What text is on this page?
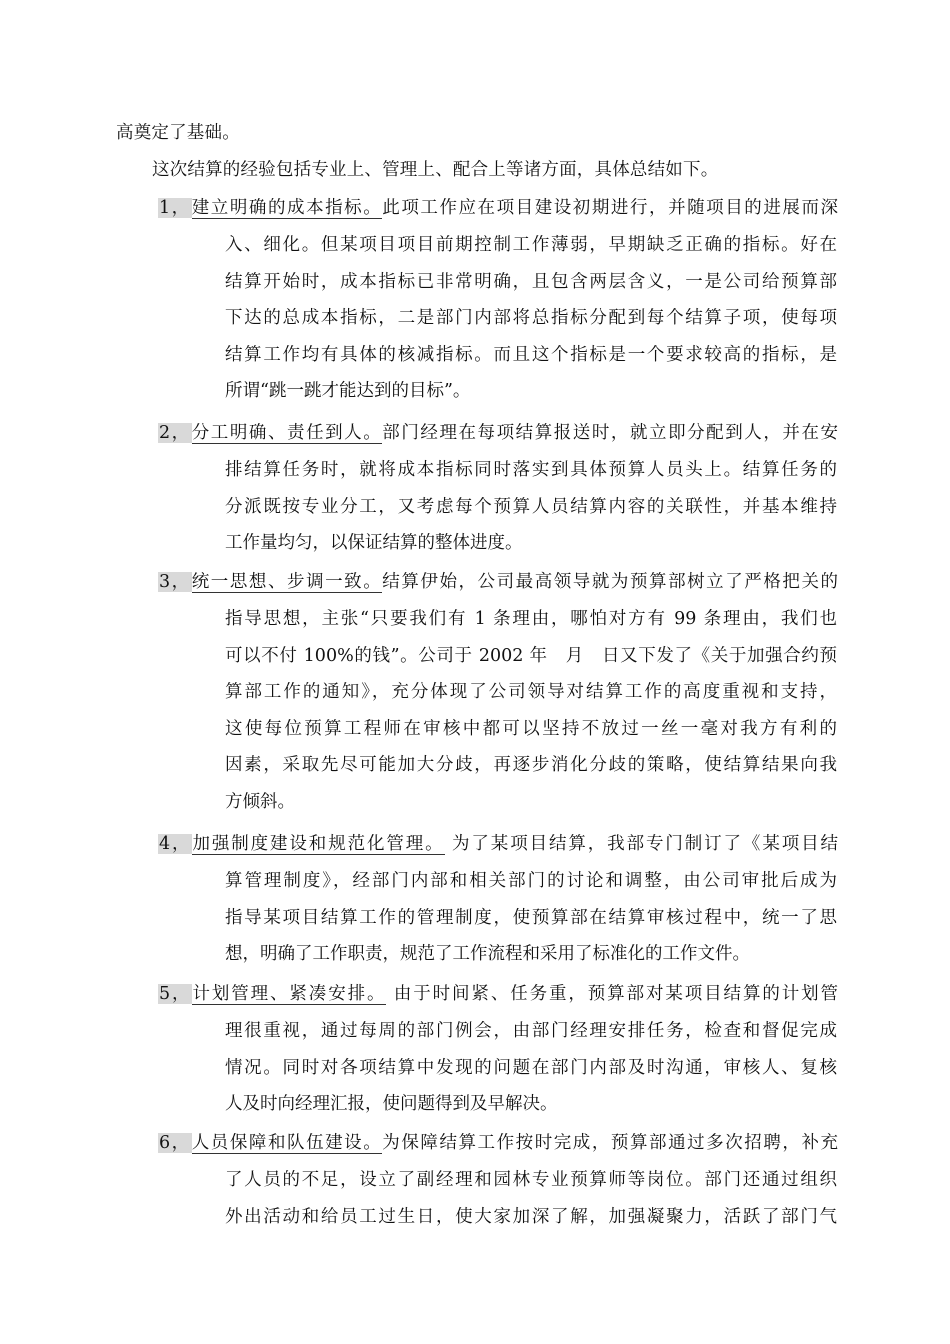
高奠定了基础。
这次结算的经验包括专业上、管理上、配合上等诸方面，具体总结如下。
1，建立明确的成本指标。此项工作应在项目建设初期进行，并随项目的进展而深
入、细化。但某项目项目前期控制工作薄弱，早期缺乏正确的指标。好在
结算开始时，成本指标已非常明确，且包含两层含义，一是公司给预算部
下达的总成本指标，二是部门内部将总指标分配到每个结算子项，使每项
结算工作均有具体的核减指标。而且这个指标是一个要求较高的指标，是
所谓“跳一跳才能达到的目标”。
2，分工明确、责任到人。部门经理在每项结算报送时，就立即分配到人，并在安
排结算任务时，就将成本指标同时落实到具体预算人员头上。结算任务的
分派既按专业分工，又考虑每个预算人员结算内容的关联性，并基本维持
工作量均匀，以保证结算的整体进度。
3，统一思想、步调一致。结算伊始，公司最高领导就为预算部树立了严格把关的
指导思想，主张“只要我们有 1 条理由，哪怕对方有 99 条理由，我们也
可以不付 100%的钱”。公司于 2002 年　月　日又下发了《关于加强合约预
算部工作的通知》，充分体现了公司领导对结算工作的高度重视和支持，
这使每位预算工程师在审核中都可以坚持不放过一丝一毫对我方有利的
因素，采取先尽可能加大分歧，再逐步消化分歧的策略，使结算结果向我
方倾斜。
4，加强制度建设和规范化管理。 为了某项目结算，我部专门制订了《某项目结
算管理制度》，经部门内部和相关部门的讨论和调整，由公司审批后成为
指导某项目结算工作的管理制度，使预算部在结算审核过程中，统一了思
想，明确了工作职责，规范了工作流程和采用了标准化的工作文件。
5，计划管理、紧凑安排。 由于时间紧、任务重，预算部对某项目结算的计划管
理很重视，通过每周的部门例会，由部门经理安排任务，检查和督促完成
情况。同时对各项结算中发现的问题在部门内部及时沟通，审核人、复核
人及时向经理汇报，使问题得到及早解决。
6，人员保障和队伍建设。为保障结算工作按时完成，预算部通过多次招聘，补充
了人员的不足，设立了副经理和园林专业预算师等岗位。部门还通过组织
外出活动和给员工过生日，使大家加深了解，加强凝聚力，活跃了部门气
